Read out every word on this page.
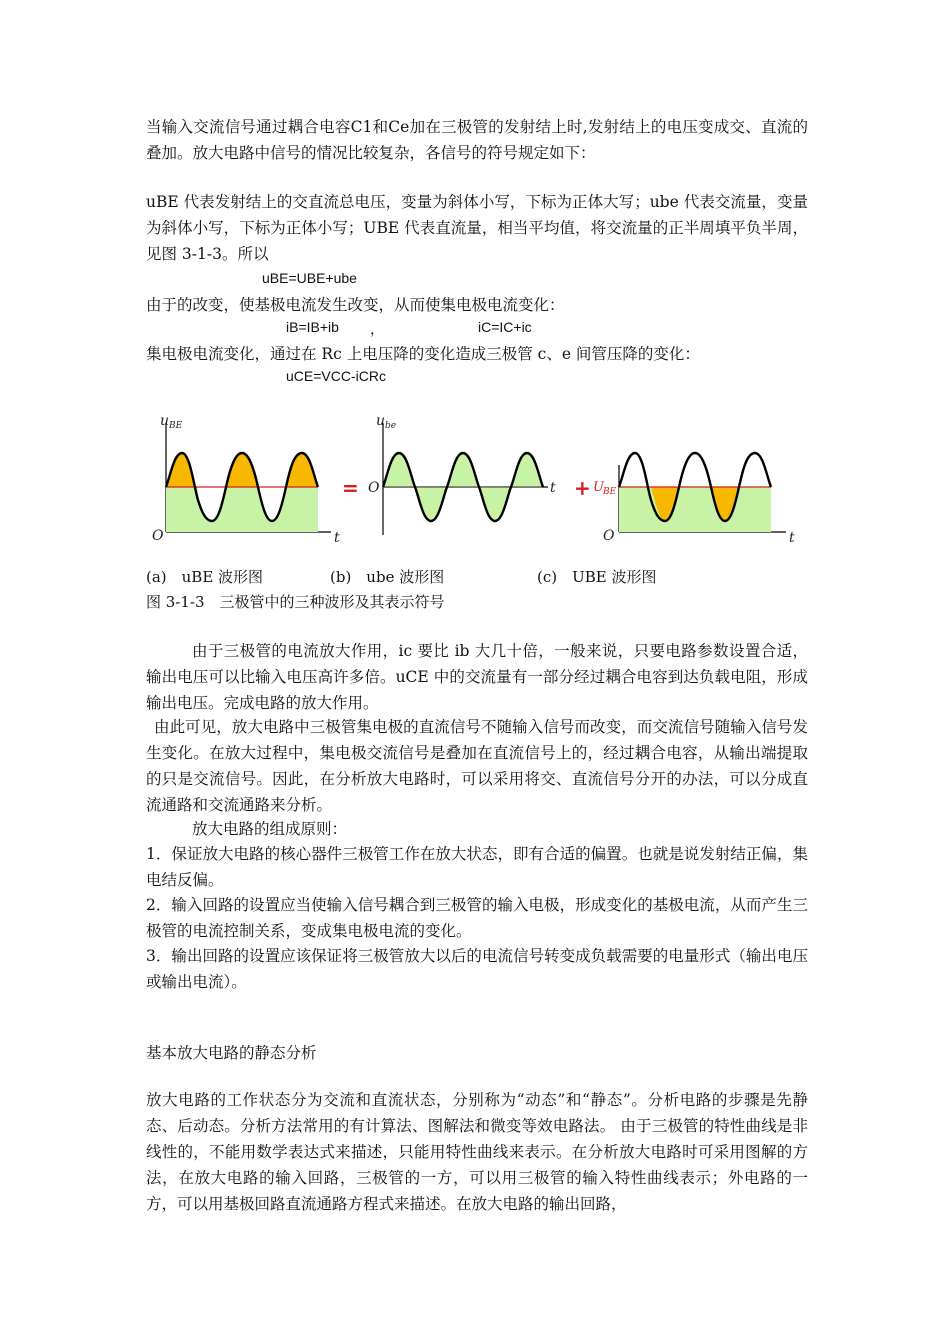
当输入交流信号通过耦合电容C1和Ce加在三极管的发射结上时,发射结上的电压变成交、直流的叠加。放大电路中信号的情况比较复杂，各信号的符号规定如下：

uBE 代表发射结上的交直流总电压，变量为斜体小写，下标为正体大写；ube 代表交流量，变量为斜体小写，下标为正体小写；UBE 代表直流量，相当平均值，将交流量的正半周填平负半周，见图 3-1-3。所以

uBE=UBE+ube

由于的改变，使基极电流发生改变，从而使集电极电流变化：

iB=IB+ib ，	iC=IC+ic

集电极电流变化，通过在 Rc 上电压降的变化造成三极管 c、e 间管压降的变化：

uCE=VCC-iCRc

u BE
O	t
=
u be
O	t + U BE
O	t

(a)　uBE 波形图	(b)　ube 波形图	(c)　UBE 波形图

图 3-1-3　三极管中的三种波形及其表示符号

由于三极管的电流放大作用，ic 要比 ib 大几十倍，一般来说，只要电路参数设置合适，输出电压可以比输入电压高许多倍。uCE 中的交流量有一部分经过耦合电容到达负载电阻，形成输出电压。完成电路的放大作用。

由此可见，放大电路中三极管集电极的直流信号不随输入信号而改变，而交流信号随输入信号发生变化。在放大过程中，集电极交流信号是叠加在直流信号上的，经过耦合电容，从输出端提取的只是交流信号。因此，在分析放大电路时，可以采用将交、直流信号分开的办法，可以分成直流通路和交流通路来分析。

放大电路的组成原则：

1．保证放大电路的核心器件三极管工作在放大状态，即有合适的偏置。也就是说发射结正偏，集电结反偏。

2．输入回路的设置应当使输入信号耦合到三极管的输入电极，形成变化的基极电流，从而产生三极管的电流控制关系，变成集电极电流的变化。

3．输出回路的设置应该保证将三极管放大以后的电流信号转变成负载需要的电量形式（输出电压或输出电流）。

基本放大电路的静态分析

放大电路的工作状态分为交流和直流状态，分别称为“动态”和“静态”。分析电路的步骤是先静态、后动态。分析方法常用的有计算法、图解法和微变等效电路法。 由于三极管的特性曲线是非线性的，不能用数学表达式来描述，只能用特性曲线来表示。在分析放大电路时可采用图解的方法，在放大电路的输入回路，三极管的一方，可以用三极管的输入特性曲线表示；外电路的一方，可以用基极回路直流通路方程式来描述。在放大电路的输出回路，
